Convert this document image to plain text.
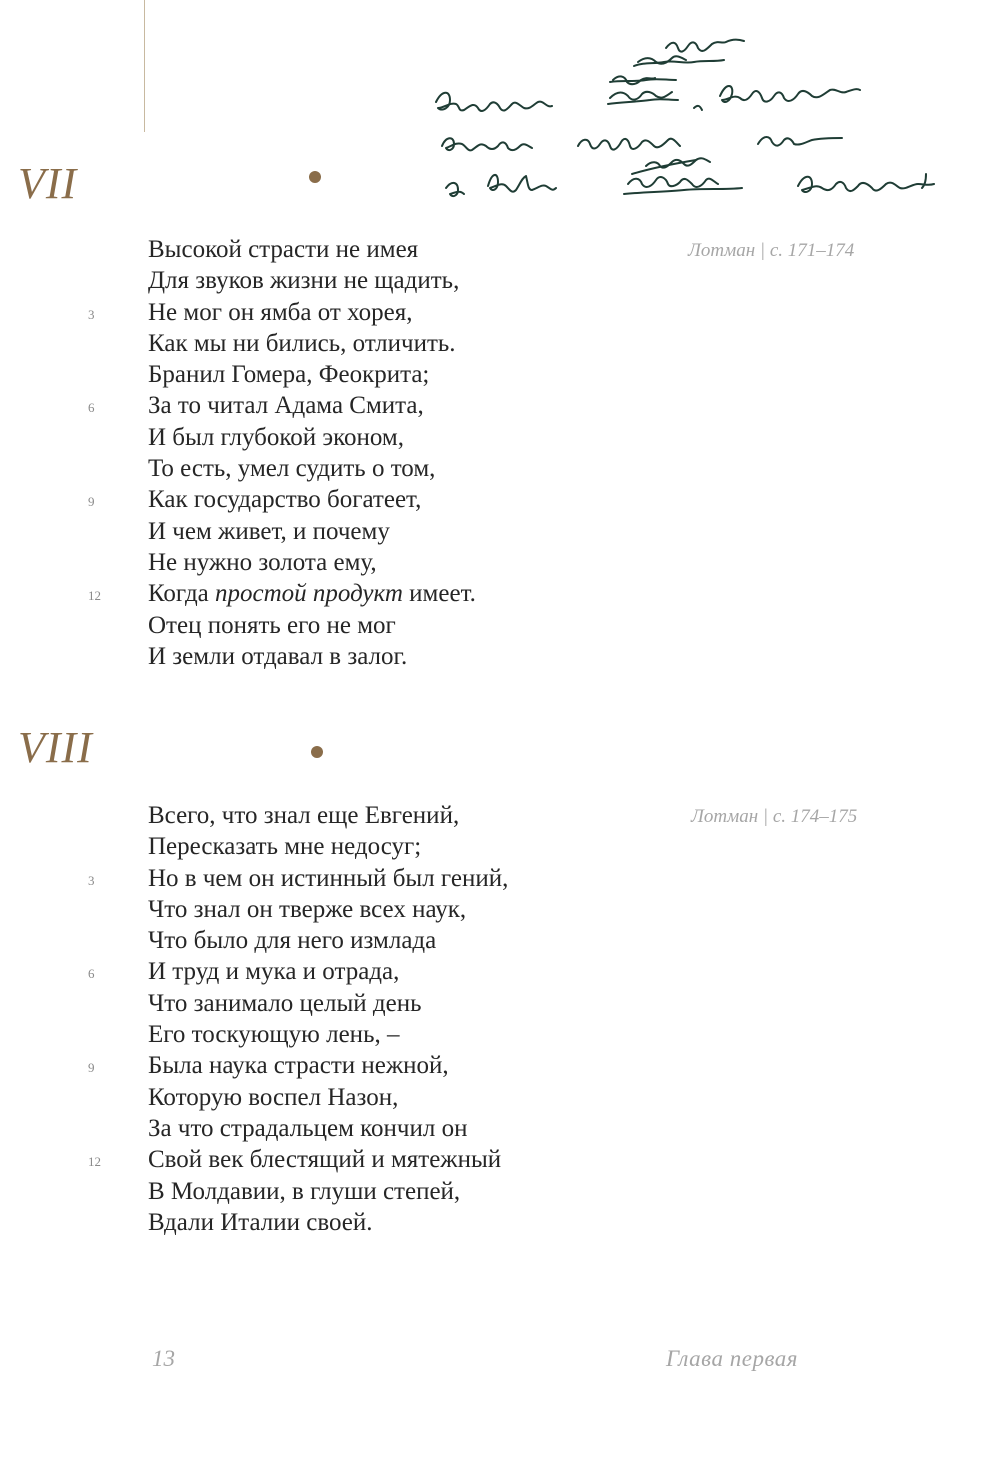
VII
Лотман | с. 171–174
Высокой страсти не имея
Для звуков жизни не щадить,
3 Не мог он ямба от хорея,
Как мы ни бились, отличить.
Бранил Гомера, Феокрита;
6 За то читал Адама Смита,
И был глубокой эконом,
То есть, умел судить о том,
9 Как государство богатеет,
И чем живет, и почему
Не нужно золота ему,
12 Когда простой продукт имеет.
Отец понять его не мог
И земли отдавал в залог.
VIII
Лотман | с. 174–175
Всего, что знал еще Евгений,
Пересказать мне недосуг;
3 Но в чем он истинный был гений,
Что знал он тверже всех наук,
Что было для него измлада
6 И труд и мука и отрада,
Что занимало целый день
Его тоскующую лень, –
9 Была наука страсти нежной,
Которую воспел Назон,
За что страдальцем кончил он
12 Свой век блестящий и мятежный
В Молдавии, в глуши степей,
Вдали Италии своей.
13	Глава первая
